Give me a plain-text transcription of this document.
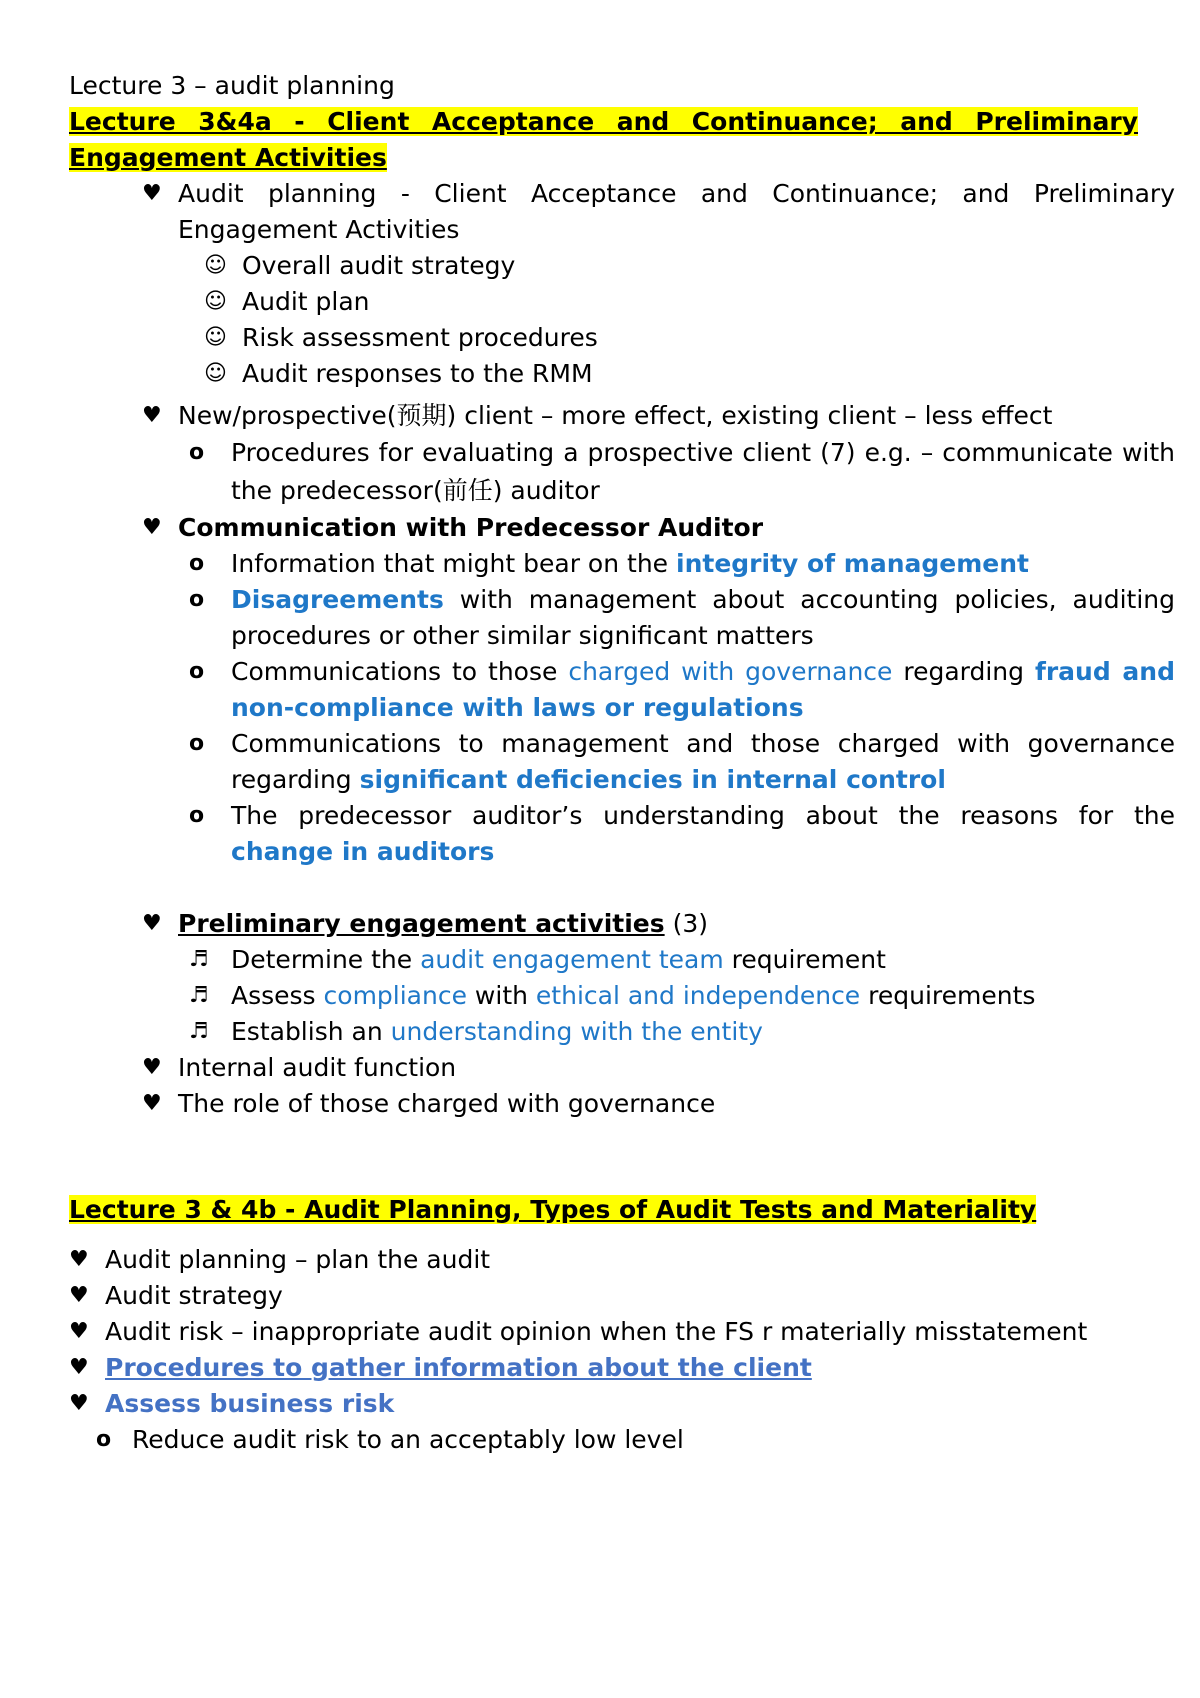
Lecture 3 – audit planning
Lecture 3&4a - Client Acceptance and Continuance; and Preliminary Engagement Activities
♥ Audit planning - Client Acceptance and Continuance; and Preliminary Engagement Activities
☺ Overall audit strategy
☺ Audit plan
☺ Risk assessment procedures
☺ Audit responses to the RMM
♥ New/prospective(预期) client – more effect, existing client – less effect
o Procedures for evaluating a prospective client (7) e.g. – communicate with the predecessor(前任) auditor
♥ Communication with Predecessor Auditor
o Information that might bear on the integrity of management
o Disagreements with management about accounting policies, auditing procedures or other similar significant matters
o Communications to those charged with governance regarding fraud and non-compliance with laws or regulations
o Communications to management and those charged with governance regarding significant deficiencies in internal control
o The predecessor auditor’s understanding about the reasons for the change in auditors
♥ Preliminary engagement activities (3)
♬ Determine the audit engagement team requirement
♬ Assess compliance with ethical and independence requirements
♬ Establish an understanding with the entity
♥ Internal audit function
♥ The role of those charged with governance
Lecture 3 & 4b - Audit Planning, Types of Audit Tests and Materiality
♥ Audit planning – plan the audit
♥ Audit strategy
♥ Audit risk – inappropriate audit opinion when the FS r materially misstatement
♥ Procedures to gather information about the client
♥ Assess business risk
o Reduce audit risk to an acceptably low level
